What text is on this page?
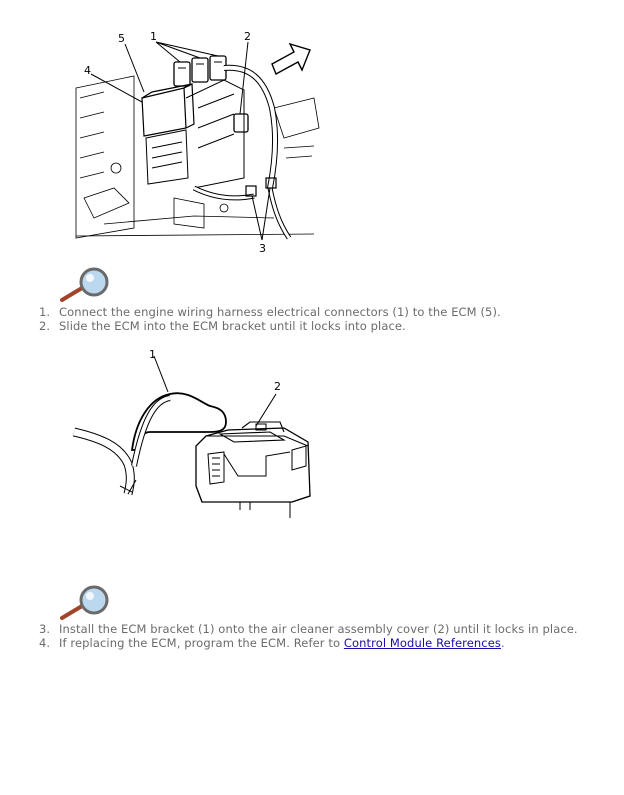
5 1	2
4
3
1. Connect the engine wiring harness electrical connectors (1) to the ECM (5).
2. Slide the ECM into the ECM bracket until it locks into place.
1
2
3. Install the ECM bracket (1) onto the air cleaner assembly cover (2) until it locks in place.
4. If replacing the ECM, program the ECM. Refer to Control Module References.
